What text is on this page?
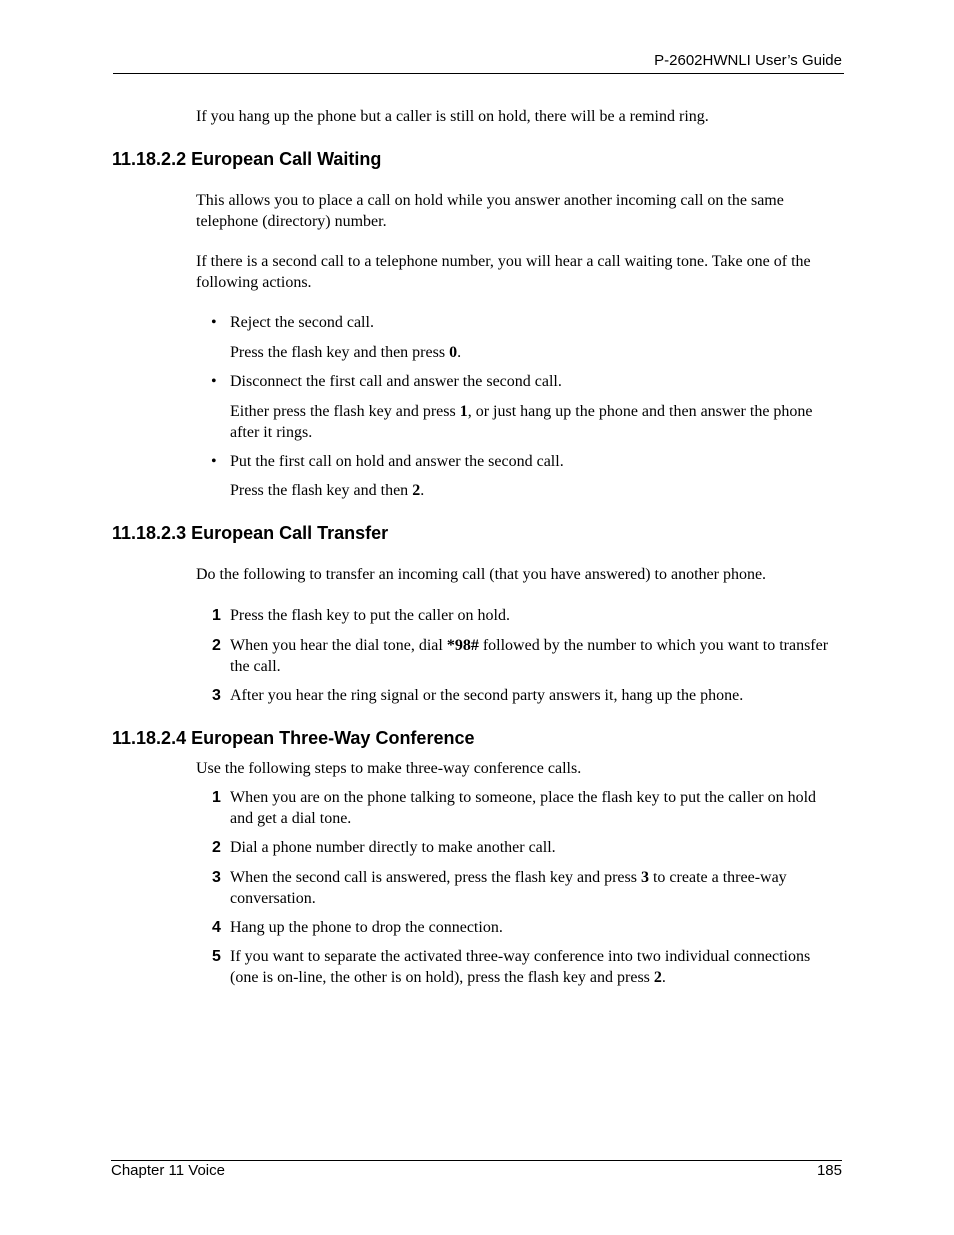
P-2602HWNLI User’s Guide
If you hang up the phone but a caller is still on hold, there will be a remind ring.
11.18.2.2 European Call Waiting
This allows you to place a call on hold while you answer another incoming call on the same telephone (directory) number.
If there is a second call to a telephone number, you will hear a call waiting tone. Take one of the following actions.
• Reject the second call.
Press the flash key and then press 0.
• Disconnect the first call and answer the second call.
Either press the flash key and press 1, or just hang up the phone and then answer the phone after it rings.
• Put the first call on hold and answer the second call.
Press the flash key and then 2.
11.18.2.3 European Call Transfer
Do the following to transfer an incoming call (that you have answered) to another phone.
1 Press the flash key to put the caller on hold.
2 When you hear the dial tone, dial *98# followed by the number to which you want to transfer the call.
3 After you hear the ring signal or the second party answers it, hang up the phone.
11.18.2.4 European Three-Way Conference
Use the following steps to make three-way conference calls.
1 When you are on the phone talking to someone, place the flash key to put the caller on hold and get a dial tone.
2 Dial a phone number directly to make another call.
3 When the second call is answered, press the flash key and press 3 to create a three-way conversation.
4 Hang up the phone to drop the connection.
5 If you want to separate the activated three-way conference into two individual connections (one is on-line, the other is on hold), press the flash key and press 2.
Chapter 11 Voice	185
